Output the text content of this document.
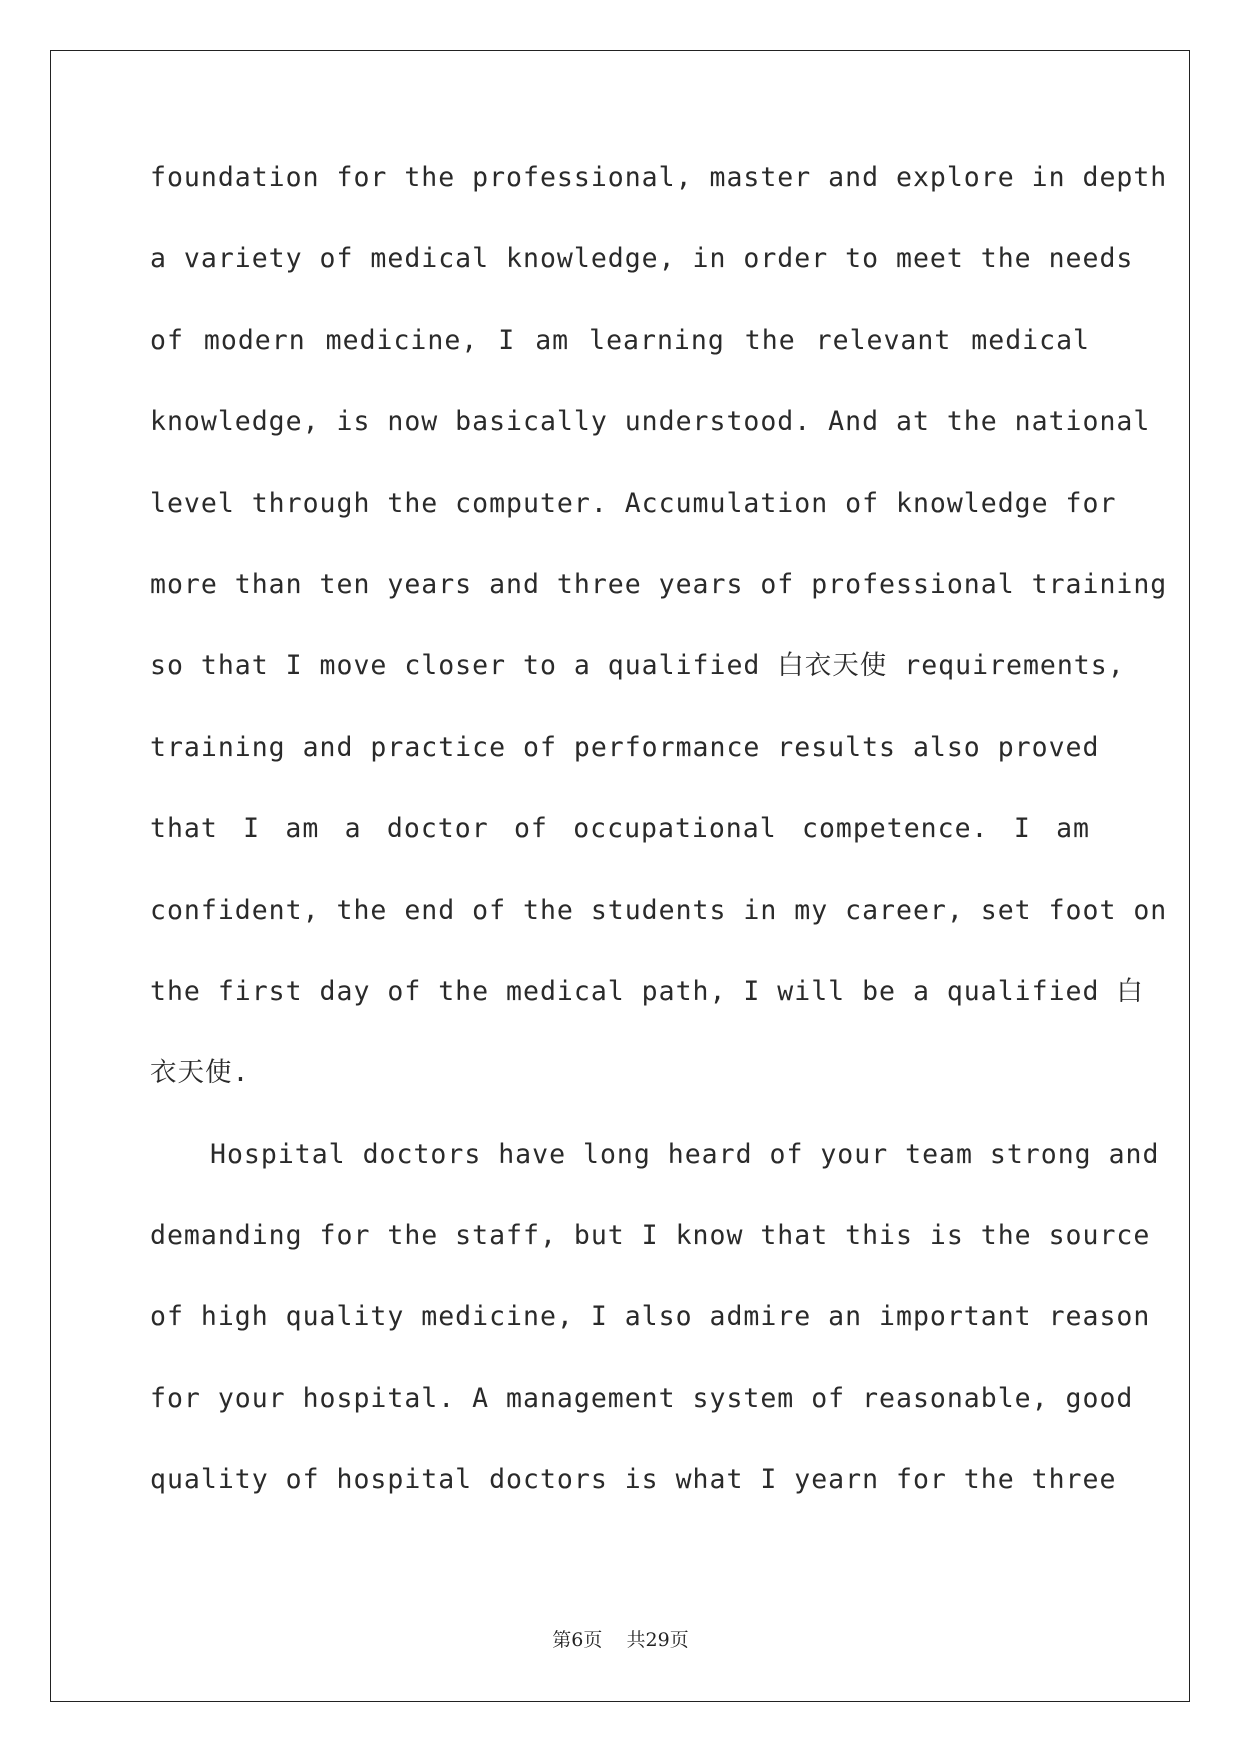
foundation for the professional, master and explore in depth
a variety of medical knowledge, in order to meet the needs
of modern medicine, I am learning the relevant medical
knowledge, is now basically understood. And at the national
level through the computer. Accumulation of knowledge for
more than ten years and three years of professional training
so that I move closer to a qualified 白衣天使 requirements,
training and practice of performance results also proved
that I am a doctor of occupational competence. I am
confident, the end of the students in my career, set foot on
the first day of the medical path, I will be a qualified 白
衣天使.
Hospital doctors have long heard of your team strong and
demanding for the staff, but I know that this is the source
of high quality medicine, I also admire an important reason
for your hospital. A management system of reasonable, good
quality of hospital doctors is what I yearn for the three
第6页 共29页
